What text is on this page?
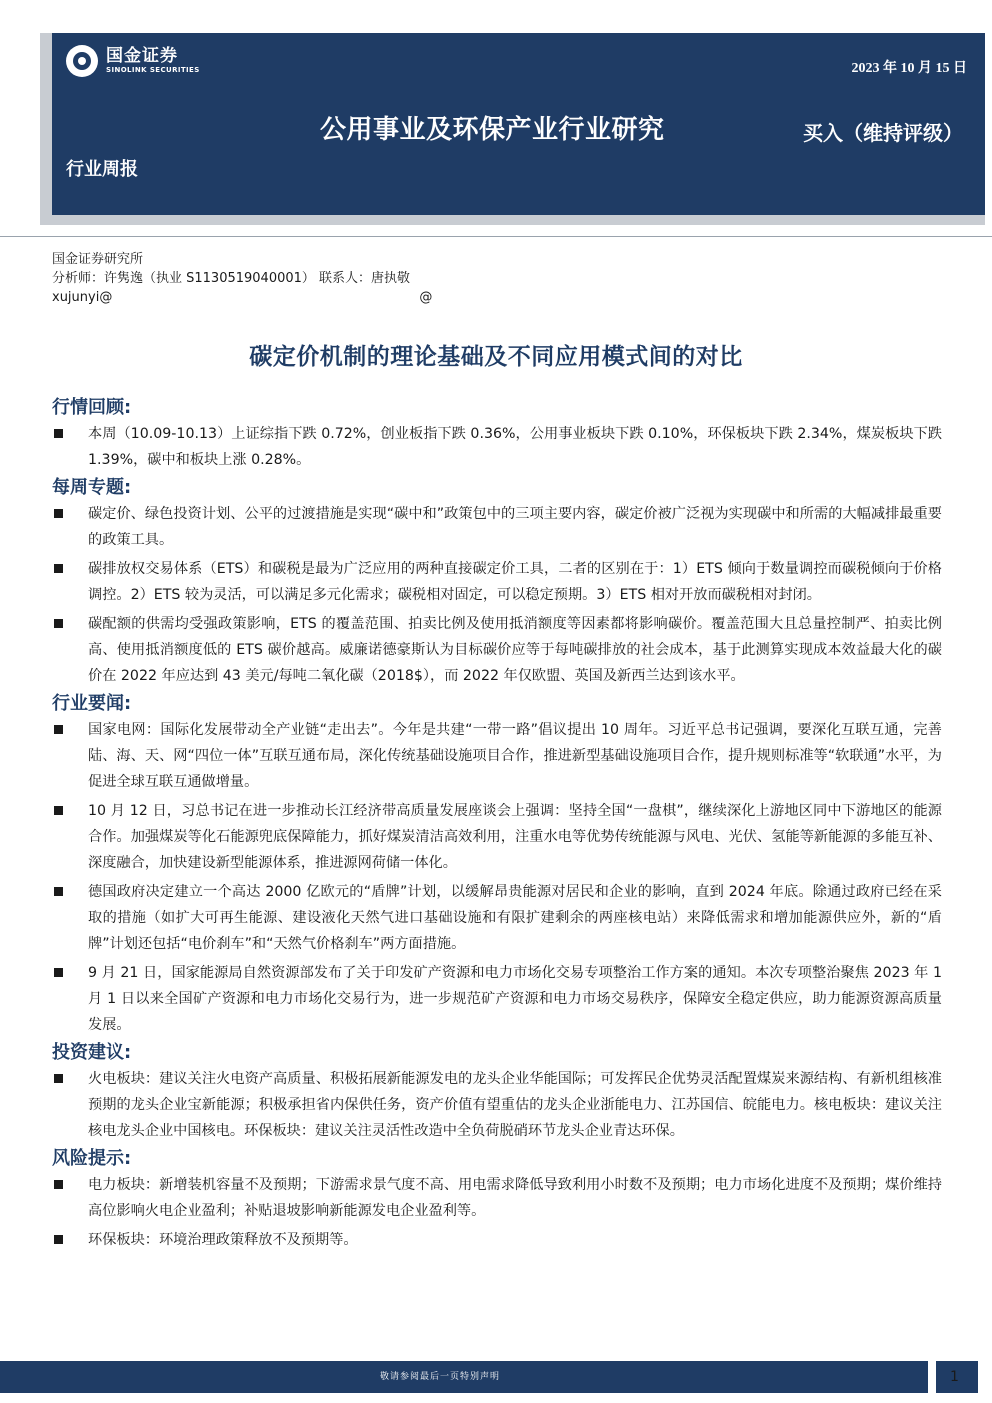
国金证券
SINOLINK SECURITIES	2023 年 10 月 15 日
公用事业及环保产业行业研究	买入（维持评级）
行业周报
国金证券研究所
分析师：许隽逸（执业 S1130519040001） 联系人：唐执敬
xujunyi@	@
碳定价机制的理论基础及不同应用模式间的对比
行情回顾:
本周（10.09-10.13）上证综指下跌 0.72%，创业板指下跌 0.36%，公用事业板块下跌 0.10%，环保板块下跌 2.34%，煤炭板块下跌 1.39%，碳中和板块上涨 0.28%。
每周专题:
碳定价、绿色投资计划、公平的过渡措施是实现“碳中和”政策包中的三项主要内容，碳定价被广泛视为实现碳中和所需的大幅减排最重要的政策工具。
碳排放权交易体系（ETS）和碳税是最为广泛应用的两种直接碳定价工具，二者的区别在于：1）ETS 倾向于数量调控而碳税倾向于价格调控。2）ETS 较为灵活，可以满足多元化需求；碳税相对固定，可以稳定预期。3）ETS 相对开放而碳税相对封闭。
碳配额的供需均受强政策影响，ETS 的覆盖范围、拍卖比例及使用抵消额度等因素都将影响碳价。覆盖范围大且总量控制严、拍卖比例高、使用抵消额度低的 ETS 碳价越高。威廉诺德豪斯认为目标碳价应等于每吨碳排放的社会成本，基于此测算实现成本效益最大化的碳价在 2022 年应达到 43 美元/每吨二氧化碳（2018$），而 2022 年仅欧盟、英国及新西兰达到该水平。
行业要闻:
国家电网：国际化发展带动全产业链“走出去”。今年是共建“一带一路”倡议提出 10 周年。习近平总书记强调，要深化互联互通，完善陆、海、天、网“四位一体”互联互通布局，深化传统基础设施项目合作，推进新型基础设施项目合作，提升规则标准等“软联通”水平，为促进全球互联互通做增量。
10 月 12 日，习总书记在进一步推动长江经济带高质量发展座谈会上强调：坚持全国“一盘棋”，继续深化上游地区同中下游地区的能源合作。加强煤炭等化石能源兜底保障能力，抓好煤炭清洁高效利用，注重水电等优势传统能源与风电、光伏、氢能等新能源的多能互补、深度融合，加快建设新型能源体系，推进源网荷储一体化。
德国政府决定建立一个高达 2000 亿欧元的“盾牌”计划，以缓解昂贵能源对居民和企业的影响，直到 2024 年底。除通过政府已经在采取的措施（如扩大可再生能源、建设液化天然气进口基础设施和有限扩建剩余的两座核电站）来降低需求和增加能源供应外，新的“盾牌”计划还包括“电价刹车”和“天然气价格刹车”两方面措施。
9 月 21 日，国家能源局自然资源部发布了关于印发矿产资源和电力市场化交易专项整治工作方案的通知。本次专项整治聚焦 2023 年 1 月 1 日以来全国矿产资源和电力市场化交易行为，进一步规范矿产资源和电力市场交易秩序，保障安全稳定供应，助力能源资源高质量发展。
投资建议:
火电板块：建议关注火电资产高质量、积极拓展新能源发电的龙头企业华能国际；可发挥民企优势灵活配置煤炭来源结构、有新机组核准预期的龙头企业宝新能源；积极承担省内保供任务，资产价值有望重估的龙头企业浙能电力、江苏国信、皖能电力。核电板块：建议关注核电龙头企业中国核电。环保板块：建议关注灵活性改造中全负荷脱硝环节龙头企业青达环保。
风险提示:
电力板块：新增装机容量不及预期；下游需求景气度不高、用电需求降低导致利用小时数不及预期；电力市场化进度不及预期；煤价维持高位影响火电企业盈利；补贴退坡影响新能源发电企业盈利等。
环保板块：环境治理政策释放不及预期等。
敬请参阅最后一页特别声明	1
